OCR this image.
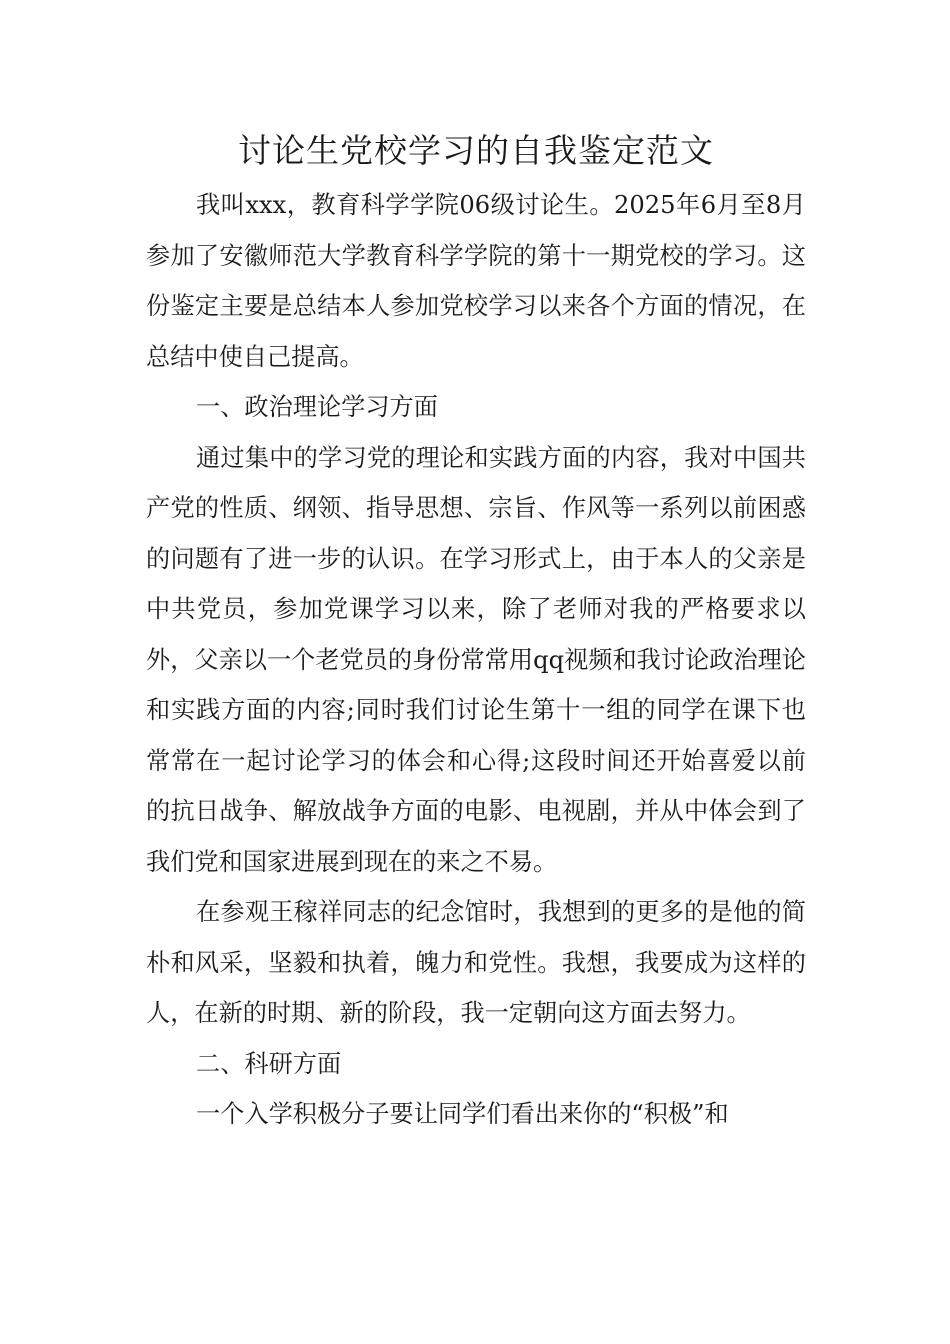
讨论生党校学习的自我鉴定范文

我叫xxx，教育科学学院06级讨论生。2025年6月至8月参加了安徽师范大学教育科学学院的第十一期党校的学习。这份鉴定主要是总结本人参加党校学习以来各个方面的情况，在总结中使自己提高。

一、政治理论学习方面

通过集中的学习党的理论和实践方面的内容，我对中国共产党的性质、纲领、指导思想、宗旨、作风等一系列以前困惑的问题有了进一步的认识。在学习形式上，由于本人的父亲是中共党员，参加党课学习以来，除了老师对我的严格要求以外，父亲以一个老党员的身份常常用qq视频和我讨论政治理论和实践方面的内容;同时我们讨论生第十一组的同学在课下也常常在一起讨论学习的体会和心得;这段时间还开始喜爱以前的抗日战争、解放战争方面的电影、电视剧，并从中体会到了我们党和国家进展到现在的来之不易。

在参观王稼祥同志的纪念馆时，我想到的更多的是他的简朴和风采，坚毅和执着，魄力和党性。我想，我要成为这样的人，在新的时期、新的阶段，我一定朝向这方面去努力。

二、科研方面

一个入学积极分子要让同学们看出来你的“积极”和
